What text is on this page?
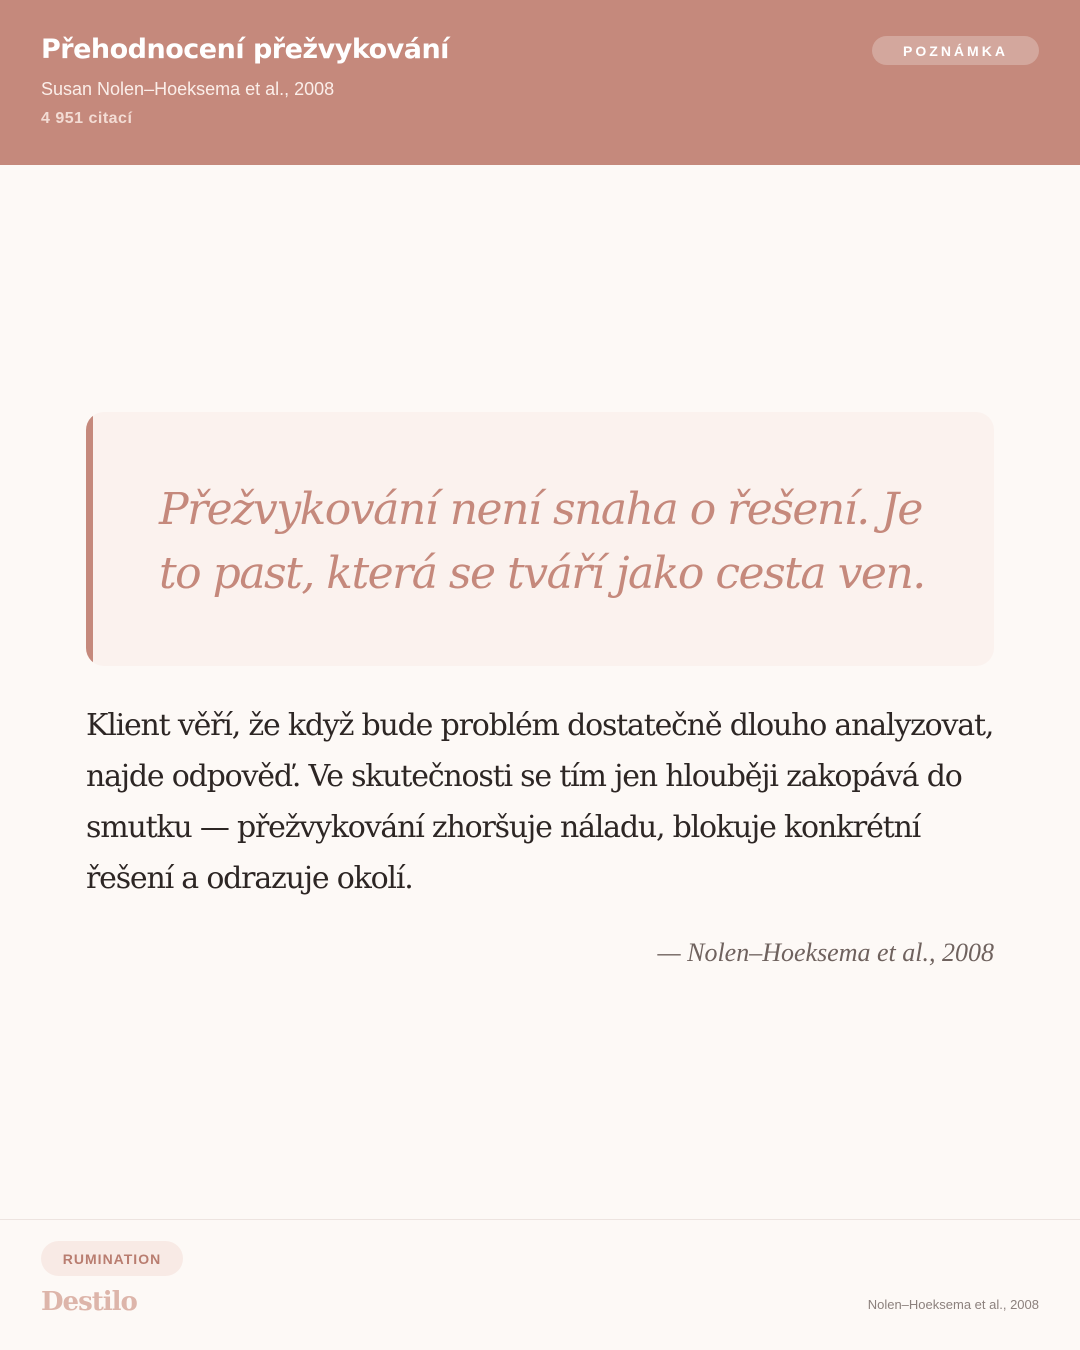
Přehodnocení přežvykování
Susan Nolen–Hoeksema et al., 2008
4 951 citací
POZNÁMKA
Přežvykování není snaha o řešení. Je to past, která se tváří jako cesta ven.
Klient věří, že když bude problém dostatečně dlouho analyzovat, najde odpověď. Ve skutečnosti se tím jen hlouběji zakopává do smutku — přežvykování zhoršuje náladu, blokuje konkrétní řešení a odrazuje okolí.
— Nolen–Hoeksema et al., 2008
RUMINATION
Destilo	Nolen–Hoeksema et al., 2008
